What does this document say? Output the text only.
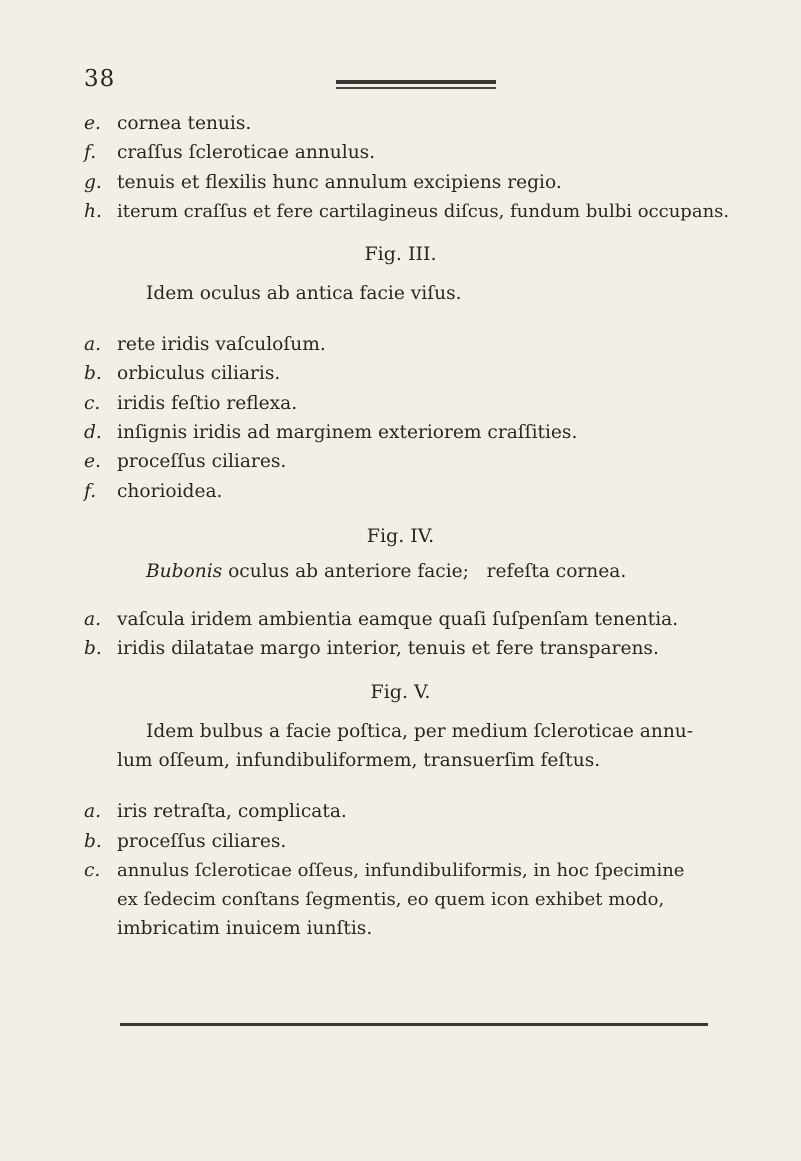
38
e. cornea tenuis.
f. craſſus ſcleroticae annulus.
g. tenuis et flexilis hunc annulum excipiens regio.
h. iterum craſſus et fere cartilagineus diſcus, fundum bulbi occupans.
Fig. III.
Idem oculus ab antica facie viſus.
a. rete iridis vaſculoſum.
b. orbiculus ciliaris.
c. iridis feſtio reflexa.
d. inſignis iridis ad marginem exteriorem craſſities.
e. proceſſus ciliares.
f. chorioidea.
Fig. IV.
Bubonis oculus ab anteriore facie;   refeſta cornea.
a. vaſcula iridem ambientia eamque quaſi ſuſpenſam tenentia.
b. iridis dilatatae margo interior, tenuis et fere transparens.
Fig. V.
Idem bulbus a facie poſtica, per medium ſcleroticae annu-
lum oſſeum, infundibuliformem, transuerſim feſtus.
a. iris retraſta, complicata.
b. proceſſus ciliares.
c. annulus ſcleroticae oſſeus, infundibuliformis, in hoc ſpecimine
ex ſedecim conſtans ſegmentis, eo quem icon exhibet modo,
imbricatim inuicem iunſtis.
